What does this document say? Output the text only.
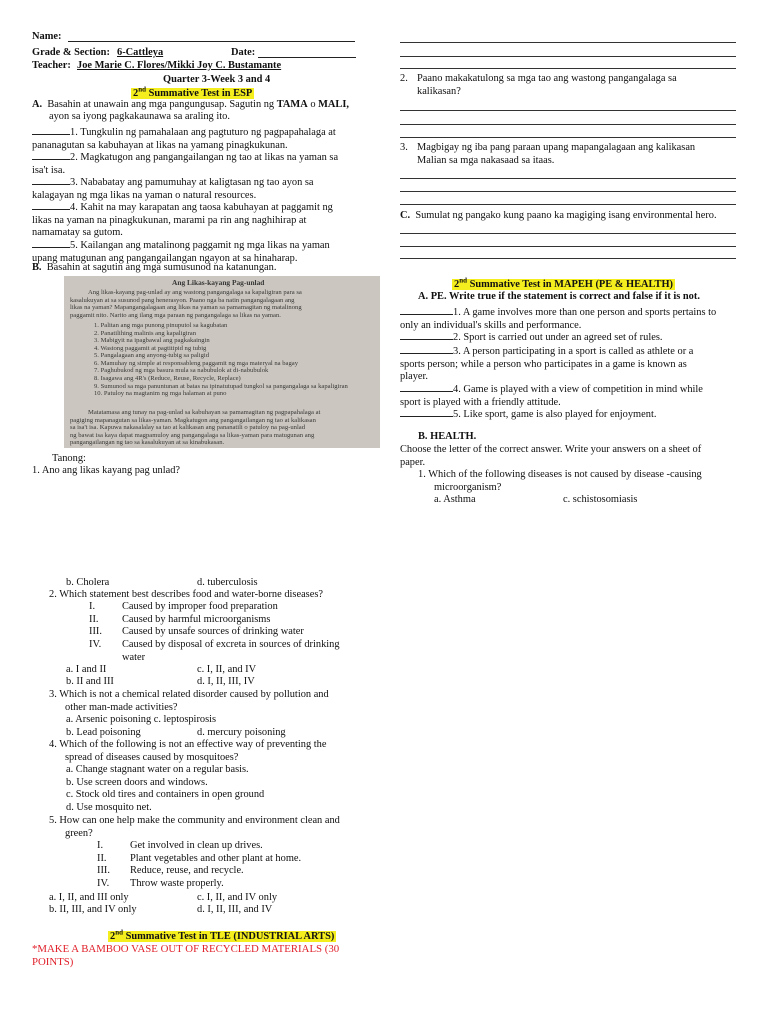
Name:
Grade & Section: 6-Cattleya	Date:
Teacher: Joe Marie C. Flores/Mikki Joy C. Bustamante
Quarter 3-Week 3 and 4
2nd Summative Test in ESP
A. Basahin at unawain ang mga pangungusap. Sagutin ng TAMA o MALI,
ayon sa iyong pagkakaunawa sa araling ito.
1. Tungkulin ng pamahalaan ang pagtuturo ng pagpapahalaga at
pananagutan sa kabuhayan at likas na yamang pinagkukunan.
2. Magkatugon ang pangangailangan ng tao at likas na yaman sa
isa't isa.
3. Nababatay ang pamumuhay at kaligtasan ng tao ayon sa
kalagayan ng mga likas na yaman o natural resources.
4. Kahit na may karapatan ang taosa kabuhayan at paggamit ng
likas na yaman na pinagkukunan, marami pa rin ang naghihirap at
namamatay sa gutom.
5. Kailangan ang matalinong paggamit ng mga likas na yaman
upang matugunan ang pangangailangan ngayon at sa hinaharap.
B. Basahin at sagutin ang mga sumusunod na katanungan.
Ang Likas-kayang Pag-unlad
Ang likas-kayang pag-unlad ay ang wastong pangangalaga sa kapaligiran para sa
kasalukuyan at sa susunod pang henerasyon. Paano nga ba natin pangangalagaan ang
likas na yaman? Mapangangalagaan ang likas na yaman sa pamamagitan ng matalinong
paggamit nito. Narito ang ilang mga paraan ng pangangalaga sa likas na yaman.
1. Palitan ang mga punong pinuputol sa kagubatan
2. Panatilihing malinis ang kapaligiran
3. Mabigyit na ipagbawal ang pagkakaingin
4. Wastong paggamit at pagtitipid ng tubig
5. Pangalagaan ang anyong-tubig sa paligid
6. Mamuhay ng simple at responsableng paggamit ng mga materyal na bagay
7. Paghubukod ng mga basura mula sa nabubulok at di-nabubulok
8. Isagawa ang 4R's (Reduce, Reuse, Recycle, Replace)
9. Sumunod sa mga panuntunan at batas na ipinatutupad tungkol sa pangangalaga sa kapaligiran
10. Patuloy na magtanim ng mga halaman at puno
Matatamasa ang tunay na pag-unlad sa kabuhayan sa pamamagitan ng pagpapahalaga at
pagiging mapanagutan sa likas-yaman. Magkatugon ang pangangailangan ng tao at kalikasan
sa isa't isa. Kapuwa nakasalalay sa tao at kalikasan ang pananatili o patuloy na pag-unlad
ng bawat isa kaya dapat magpamuloy ang pangangalaga sa likas-yaman para matugunan ang
pangangailangan ng tao sa kasalukuyan at sa kinabukasan.
Tanong:
1. Ano ang likas kayang pag unlad?
b. Cholera	d. tuberculosis
2. Which statement best describes food and water-borne diseases?
I.	Caused by improper food preparation
II. Caused by harmful microorganisms
III. Caused by unsafe sources of drinking water
IV. Caused by disposal of excreta in sources of drinking
water
a. I and II	c. I, II, and IV
b. II and III	d. I, II, III, IV
3. Which is not a chemical related disorder caused by pollution and
other man-made activities?
a. Arsenic poisoning c. leptospirosis
b. Lead poisoning	d. mercury poisoning
4. Which of the following is not an effective way of preventing the
spread of diseases caused by mosquitoes?
a. Change stagnant water on a regular basis.
b. Use screen doors and windows.
c. Stock old tires and containers in open ground
d. Use mosquito net.
5. How can one help make the community and environment clean and
green?
I.	Get involved in clean up drives.
II. Plant vegetables and other plant at home.
III. Reduce, reuse, and recycle.
IV. Throw waste properly.
a. I, II, and III only	c. I, II, and IV only
b. II, III, and IV only	d. I, II, III, and IV
2nd Summative Test in TLE (INDUSTRIAL ARTS)
*MAKE A BAMBOO VASE OUT OF RECYCLED MATERIALS (30
POINTS)
2. Paano makakatulong sa mga tao ang wastong pangangalaga sa
kalikasan?
3. Magbigay ng iba pang paraan upang mapangalagaan ang kalikasan
Malian sa mga nakasaad sa itaas.
C. Sumulat ng pangako kung paano ka magiging isang environmental hero.
2nd Summative Test in MAPEH (PE & HEALTH)
A. PE. Write true if the statement is correct and false if it is not.
1. A game involves more than one person and sports pertains to
only an individual's skills and performance.
2. Sport is carried out under an agreed set of rules.
3. A person participating in a sport is called as athlete or a
sports person; while a person who participates in a game is known as
player.
4. Game is played with a view of competition in mind while
sport is played with a friendly attitude.
5. Like sport, game is also played for enjoyment.
B. HEALTH.
Choose the letter of the correct answer. Write your answers on a sheet of
paper.
1. Which of the following diseases is not caused by disease -causing
microorganism?
a. Asthma	c. schistosomiasis
